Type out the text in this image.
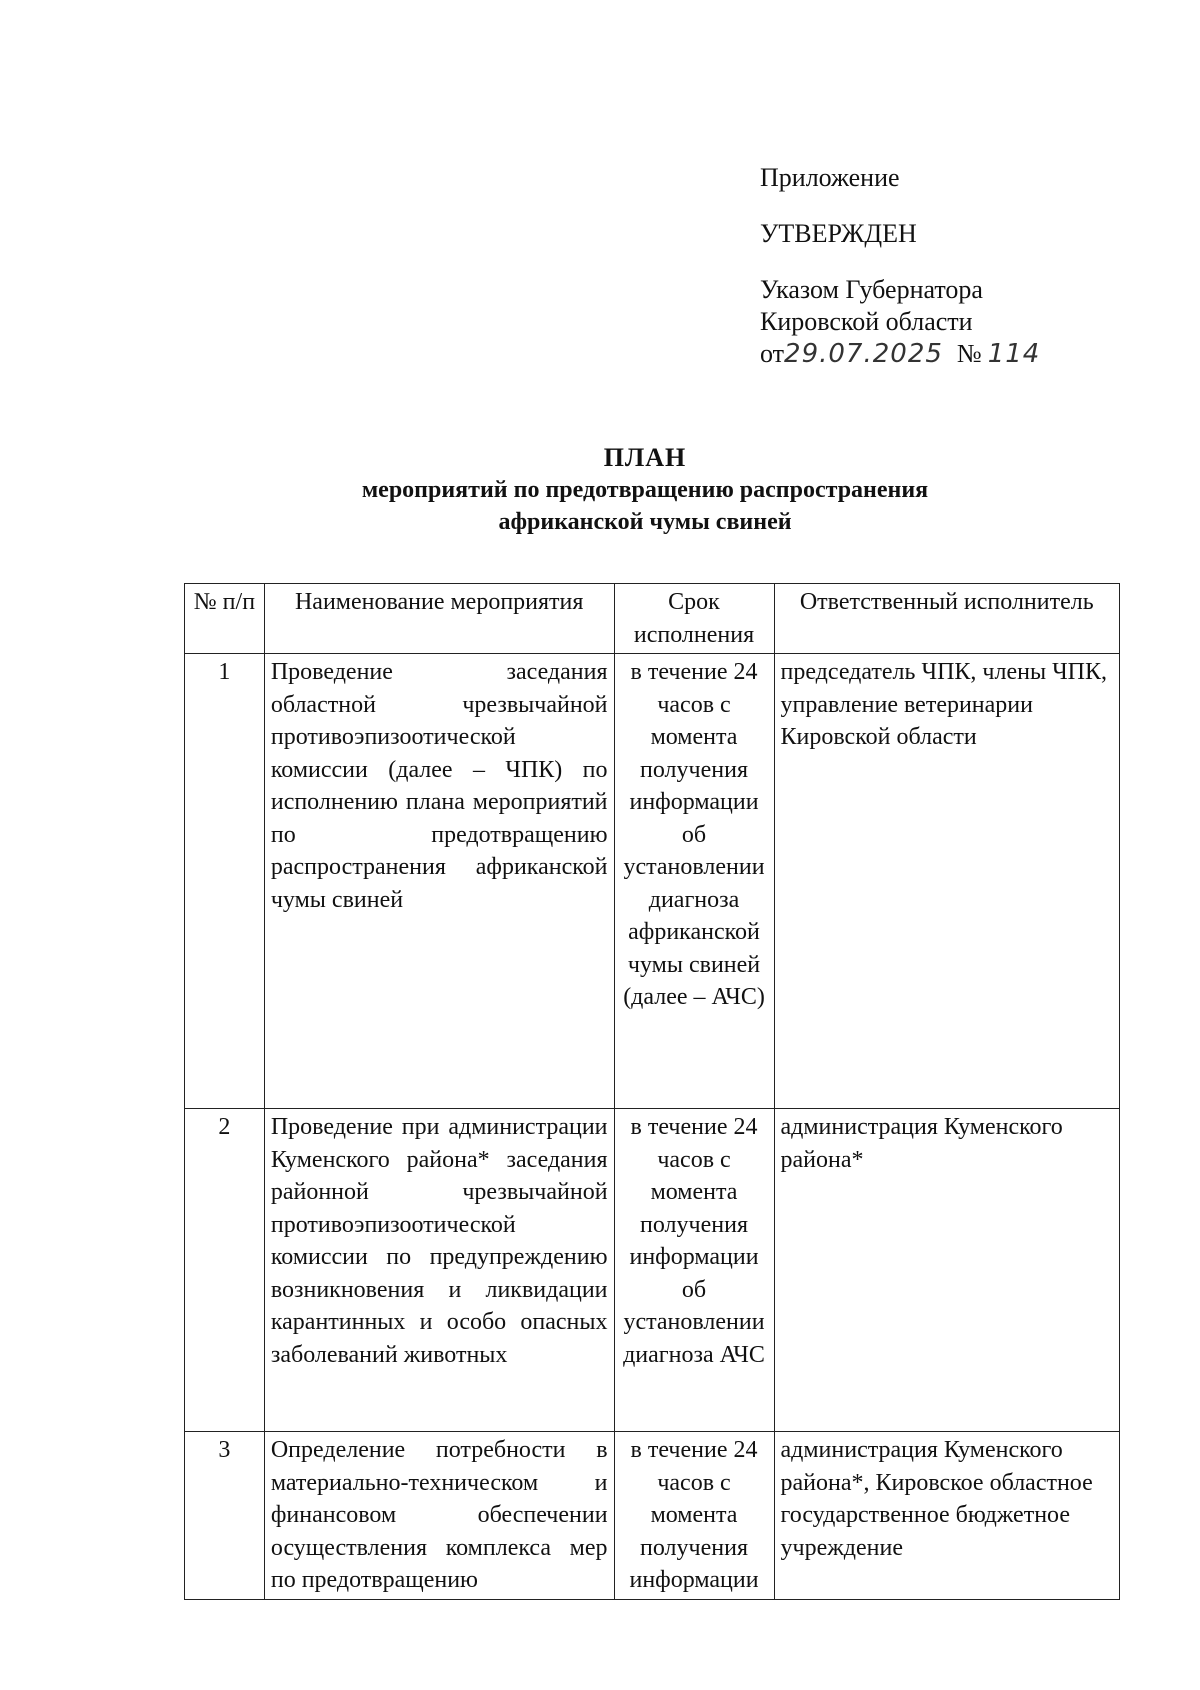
Приложение
УТВЕРЖДЕН
Указом Губернатора
Кировской области
от 29.07.2025 № 114
ПЛАН
мероприятий по предотвращению распространения
африканской чумы свиней
№ п/п	Наименование мероприятия	Срок исполнения	Ответственный исполнитель
1	Проведение заседания областной чрезвычайной противоэпизоотической комиссии (далее – ЧПК) по исполнению плана мероприятий по предотвращению распространения африканской чумы свиней	в течение 24 часов с момента получения информации об установлении диагноза африканской чумы свиней (далее – АЧС)	председатель ЧПК, члены ЧПК, управление ветеринарии Кировской области
2	Проведение при администрации Куменского района* заседания районной чрезвычайной противоэпизоотической комиссии по предупреждению возникновения и ликвидации карантинных и особо опасных заболеваний животных	в течение 24 часов с момента получения информации об установлении диагноза АЧС	администрация Куменского района*
3	Определение потребности в материально-техническом и финансовом обеспечении осуществления комплекса мер по предотвращению	в течение 24 часов с момента получения информации	администрация Куменского района*, Кировское областное государственное бюджетное учреждение
